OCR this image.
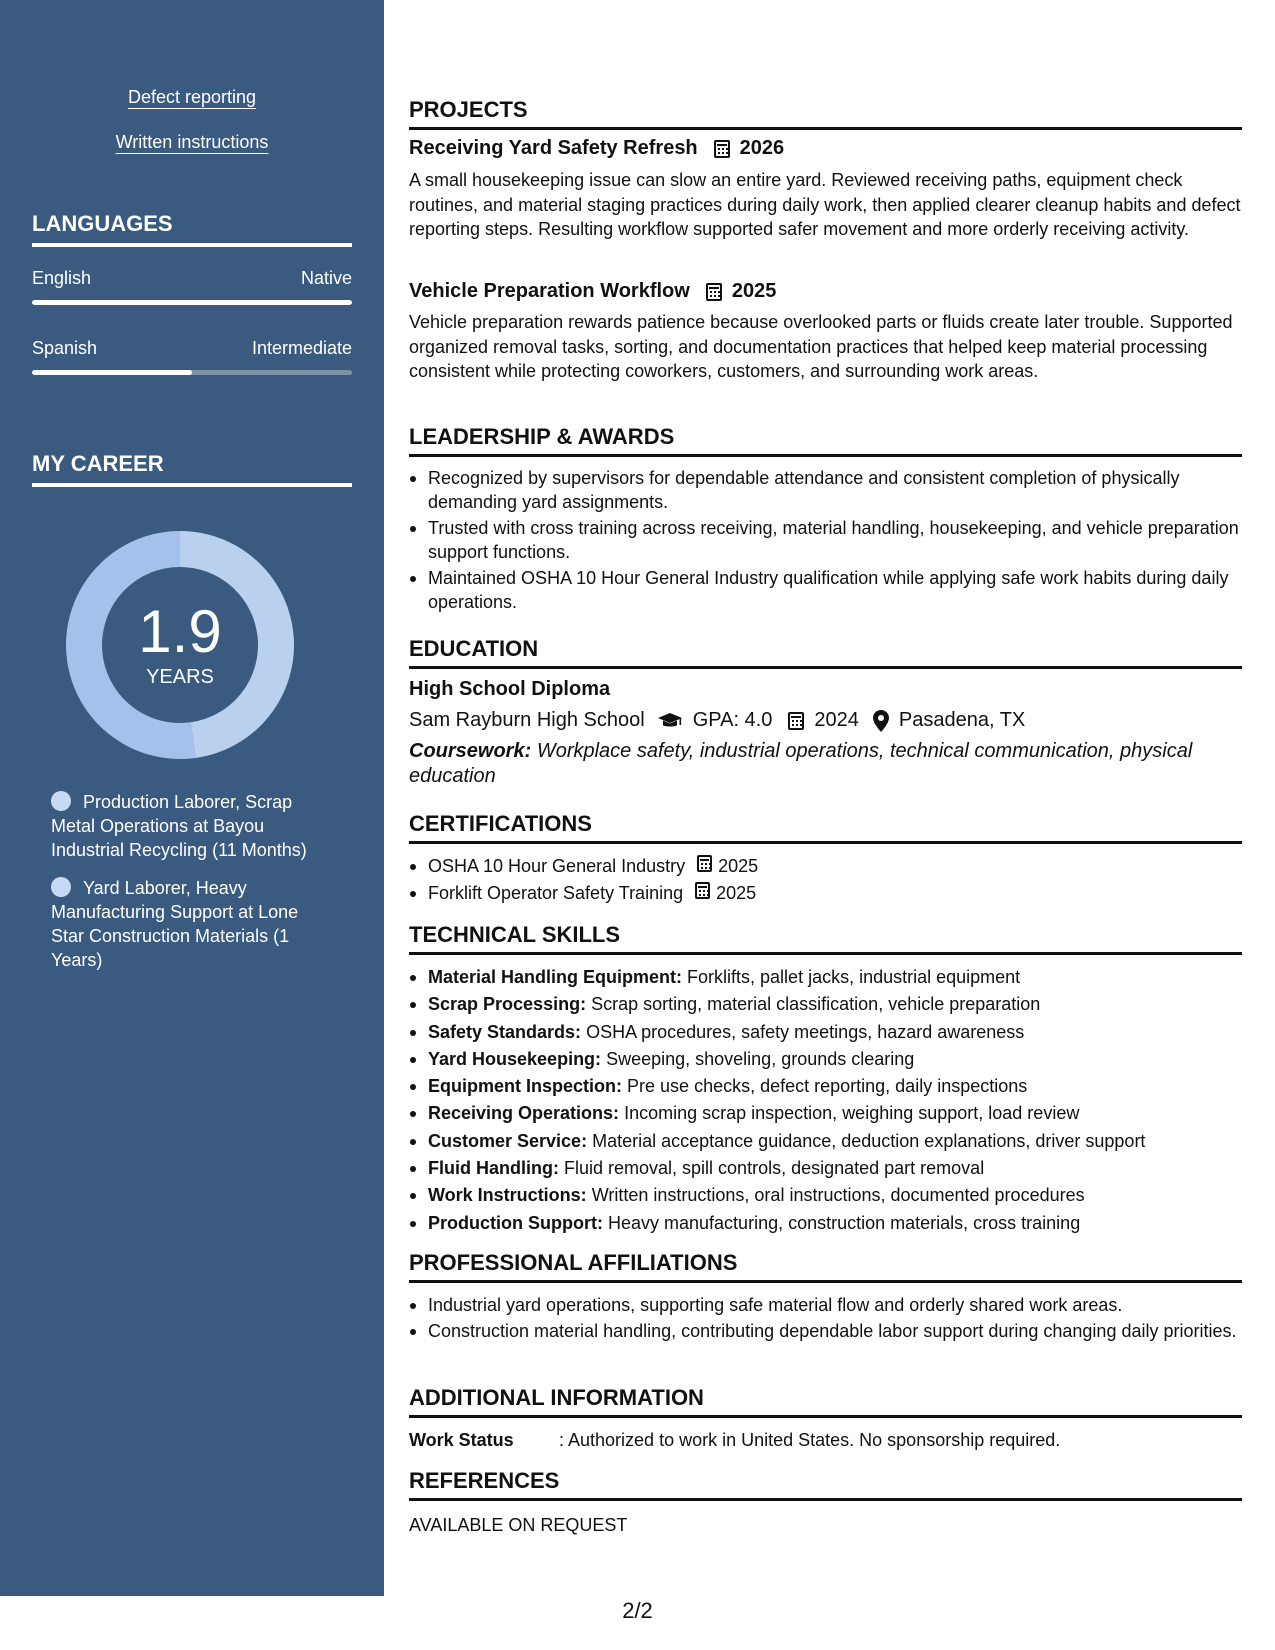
Defect reporting
Written instructions
LANGUAGES
English	Native
Spanish	Intermediate
MY CAREER
1.9
YEARS
Production Laborer, Scrap Metal Operations at Bayou Industrial Recycling (11 Months)
Yard Laborer, Heavy Manufacturing Support at Lone Star Construction Materials (1 Years)
PROJECTS
Receiving Yard Safety Refresh 2026
A small housekeeping issue can slow an entire yard. Reviewed receiving paths, equipment check routines, and material staging practices during daily work, then applied clearer cleanup habits and defect reporting steps. Resulting workflow supported safer movement and more orderly receiving activity.
Vehicle Preparation Workflow 2025
Vehicle preparation rewards patience because overlooked parts or fluids create later trouble. Supported organized removal tasks, sorting, and documentation practices that helped keep material processing consistent while protecting coworkers, customers, and surrounding work areas.
LEADERSHIP & AWARDS
Recognized by supervisors for dependable attendance and consistent completion of physically demanding yard assignments.
Trusted with cross training across receiving, material handling, housekeeping, and vehicle preparation support functions.
Maintained OSHA 10 Hour General Industry qualification while applying safe work habits during daily operations.
EDUCATION
High School Diploma
Sam Rayburn High School GPA: 4.0 2024 Pasadena, TX
Coursework: Workplace safety, industrial operations, technical communication, physical education
CERTIFICATIONS
OSHA 10 Hour General Industry 2025
Forklift Operator Safety Training 2025
TECHNICAL SKILLS
Material Handling Equipment: Forklifts, pallet jacks, industrial equipment
Scrap Processing: Scrap sorting, material classification, vehicle preparation
Safety Standards: OSHA procedures, safety meetings, hazard awareness
Yard Housekeeping: Sweeping, shoveling, grounds clearing
Equipment Inspection: Pre use checks, defect reporting, daily inspections
Receiving Operations: Incoming scrap inspection, weighing support, load review
Customer Service: Material acceptance guidance, deduction explanations, driver support
Fluid Handling: Fluid removal, spill controls, designated part removal
Work Instructions: Written instructions, oral instructions, documented procedures
Production Support: Heavy manufacturing, construction materials, cross training
PROFESSIONAL AFFILIATIONS
Industrial yard operations, supporting safe material flow and orderly shared work areas.
Construction material handling, contributing dependable labor support during changing daily priorities.
ADDITIONAL INFORMATION
Work Status	: Authorized to work in United States. No sponsorship required.
REFERENCES
AVAILABLE ON REQUEST
2/2
